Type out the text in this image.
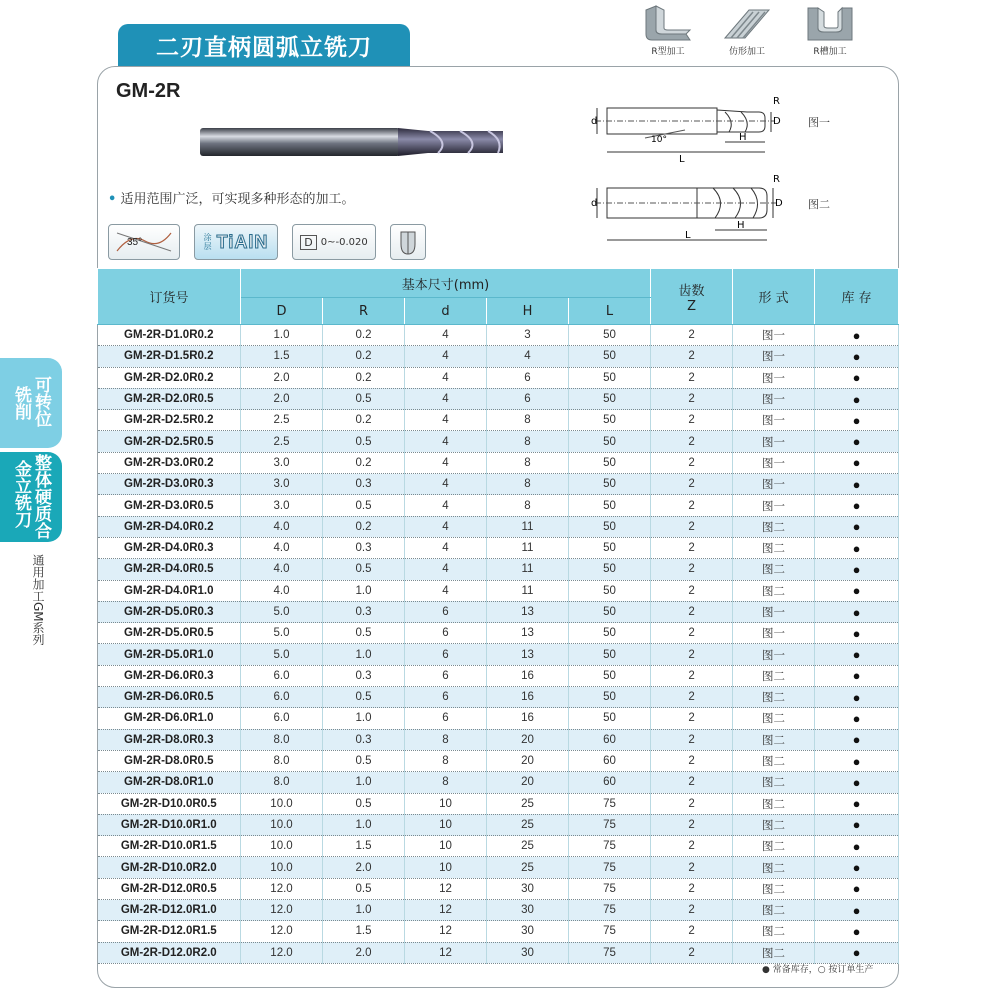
二刃直柄圆弧立铣刀	R型加工	仿形加工	R槽加工
GM-2R
• 适用范围广泛，可实现多种形态的加工。
35°	涂层 TiAlN	D 0~-0.020
d
R
D
H
L
10°
图一
d
R
D
H
L
图二
可转位
铣削
整体硬质合
金立铣刀
通用加工GM系列
订货号	基本尺寸(mm)					齿数
Z	形 式	库 存
	D	R	d	H	L			
GM-2R-D1.0R0.2	1.0	0.2	4	3	50	2	图一	●
GM-2R-D1.5R0.2	1.5	0.2	4	4	50	2	图一	●
GM-2R-D2.0R0.2	2.0	0.2	4	6	50	2	图一	●
GM-2R-D2.0R0.5	2.0	0.5	4	6	50	2	图一	●
GM-2R-D2.5R0.2	2.5	0.2	4	8	50	2	图一	●
GM-2R-D2.5R0.5	2.5	0.5	4	8	50	2	图一	●
GM-2R-D3.0R0.2	3.0	0.2	4	8	50	2	图一	●
GM-2R-D3.0R0.3	3.0	0.3	4	8	50	2	图一	●
GM-2R-D3.0R0.5	3.0	0.5	4	8	50	2	图一	●
GM-2R-D4.0R0.2	4.0	0.2	4	11	50	2	图二	●
GM-2R-D4.0R0.3	4.0	0.3	4	11	50	2	图二	●
GM-2R-D4.0R0.5	4.0	0.5	4	11	50	2	图二	●
GM-2R-D4.0R1.0	4.0	1.0	4	11	50	2	图二	●
GM-2R-D5.0R0.3	5.0	0.3	6	13	50	2	图一	●
GM-2R-D5.0R0.5	5.0	0.5	6	13	50	2	图一	●
GM-2R-D5.0R1.0	5.0	1.0	6	13	50	2	图一	●
GM-2R-D6.0R0.3	6.0	0.3	6	16	50	2	图二	●
GM-2R-D6.0R0.5	6.0	0.5	6	16	50	2	图二	●
GM-2R-D6.0R1.0	6.0	1.0	6	16	50	2	图二	●
GM-2R-D8.0R0.3	8.0	0.3	8	20	60	2	图二	●
GM-2R-D8.0R0.5	8.0	0.5	8	20	60	2	图二	●
GM-2R-D8.0R1.0	8.0	1.0	8	20	60	2	图二	●
GM-2R-D10.0R0.5	10.0	0.5	10	25	75	2	图二	●
GM-2R-D10.0R1.0	10.0	1.0	10	25	75	2	图二	●
GM-2R-D10.0R1.5	10.0	1.5	10	25	75	2	图二	●
GM-2R-D10.0R2.0	10.0	2.0	10	25	75	2	图二	●
GM-2R-D12.0R0.5	12.0	0.5	12	30	75	2	图二	●
GM-2R-D12.0R1.0	12.0	1.0	12	30	75	2	图二	●
GM-2R-D12.0R1.5	12.0	1.5	12	30	75	2	图二	●
GM-2R-D12.0R2.0	12.0	2.0	12	30	75	2	图二	●
● 常备库存，○ 按订单生产
